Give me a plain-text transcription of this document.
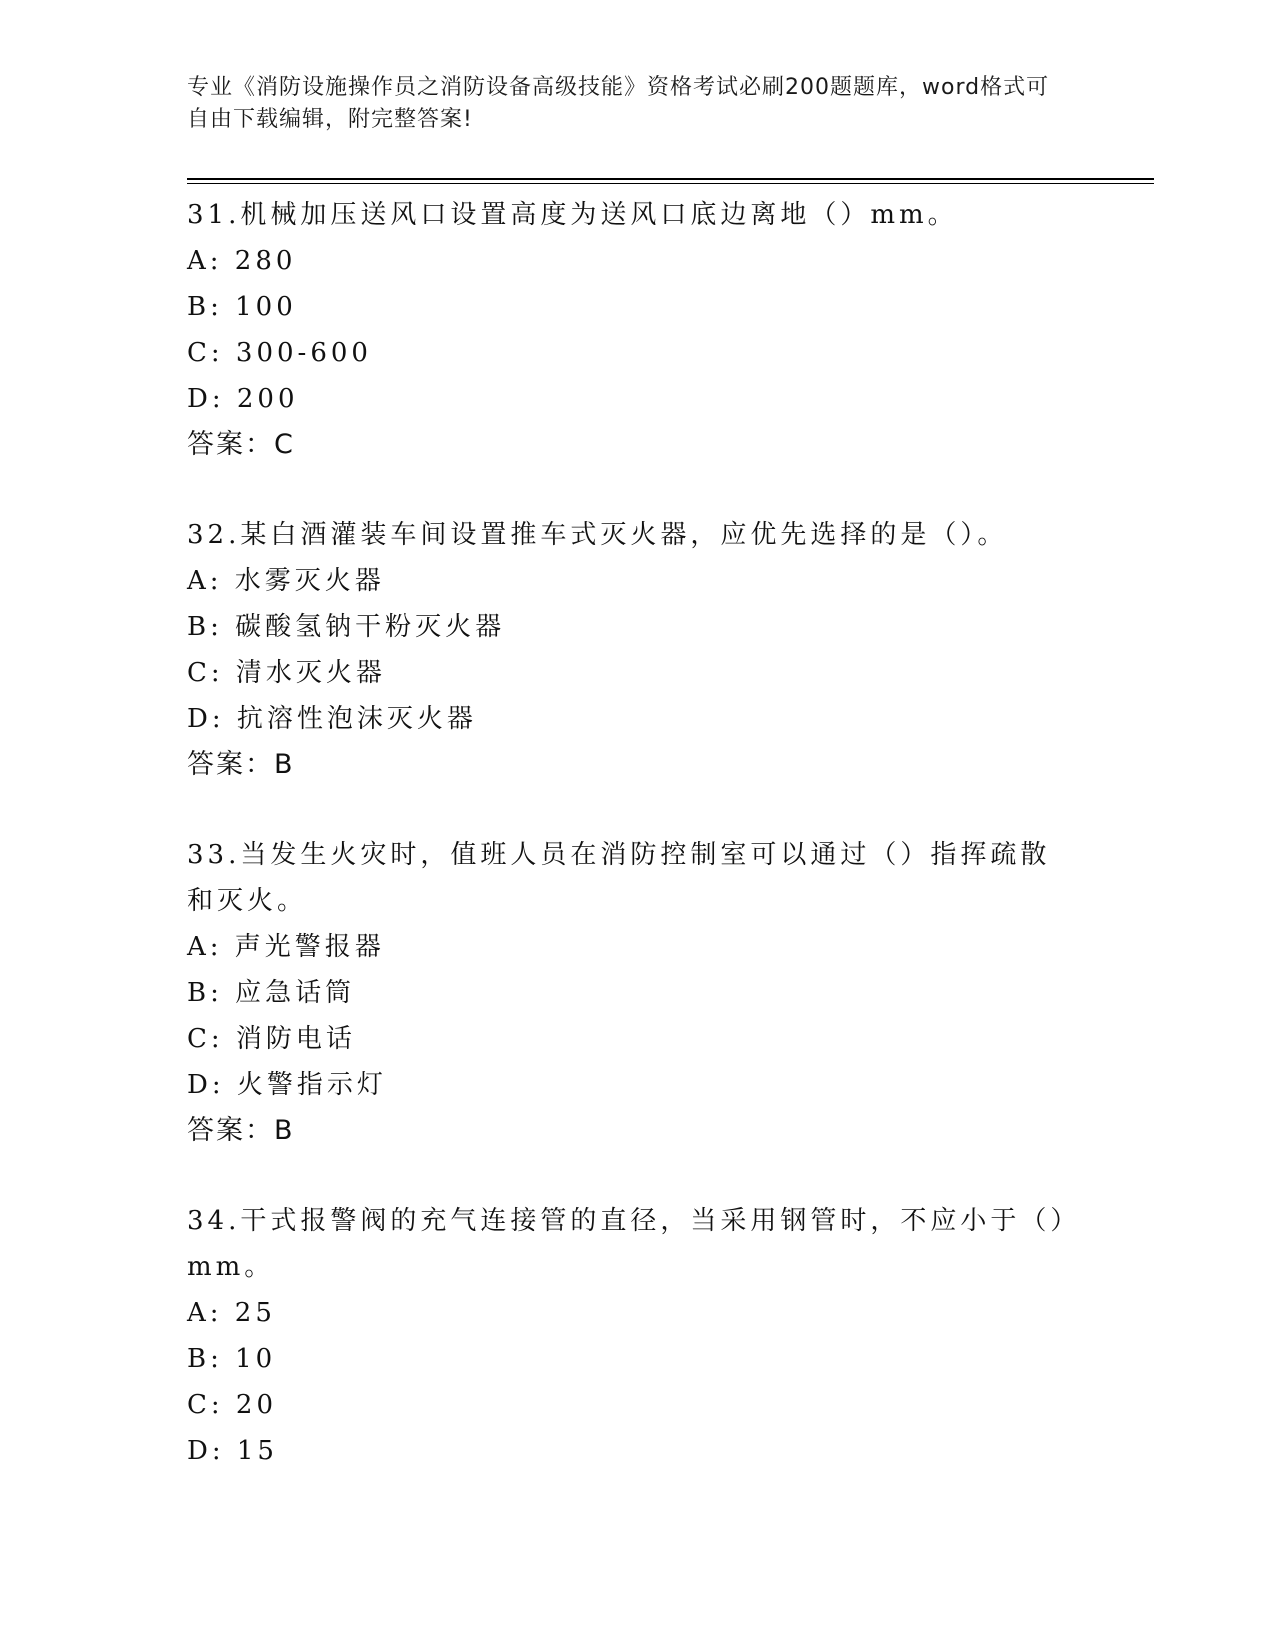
专业《消防设施操作员之消防设备高级技能》资格考试必刷200题题库，word格式可自由下载编辑，附完整答案!

31.机械加压送风口设置高度为送风口底边离地（）mm。

A: 280

B: 100

C: 300-600

D: 200

答案：C

32.某白酒灌装车间设置推车式灭火器，应优先选择的是（）。

A: 水雾灭火器

B: 碳酸氢钠干粉灭火器

C: 清水灭火器

D: 抗溶性泡沫灭火器

答案：B

33.当发生火灾时，值班人员在消防控制室可以通过（）指挥疏散和灭火。

A: 声光警报器

B: 应急话筒

C: 消防电话

D: 火警指示灯

答案：B

34.干式报警阀的充气连接管的直径，当采用钢管时，不应小于（）mm。

A: 25

B: 10

C: 20

D: 15
